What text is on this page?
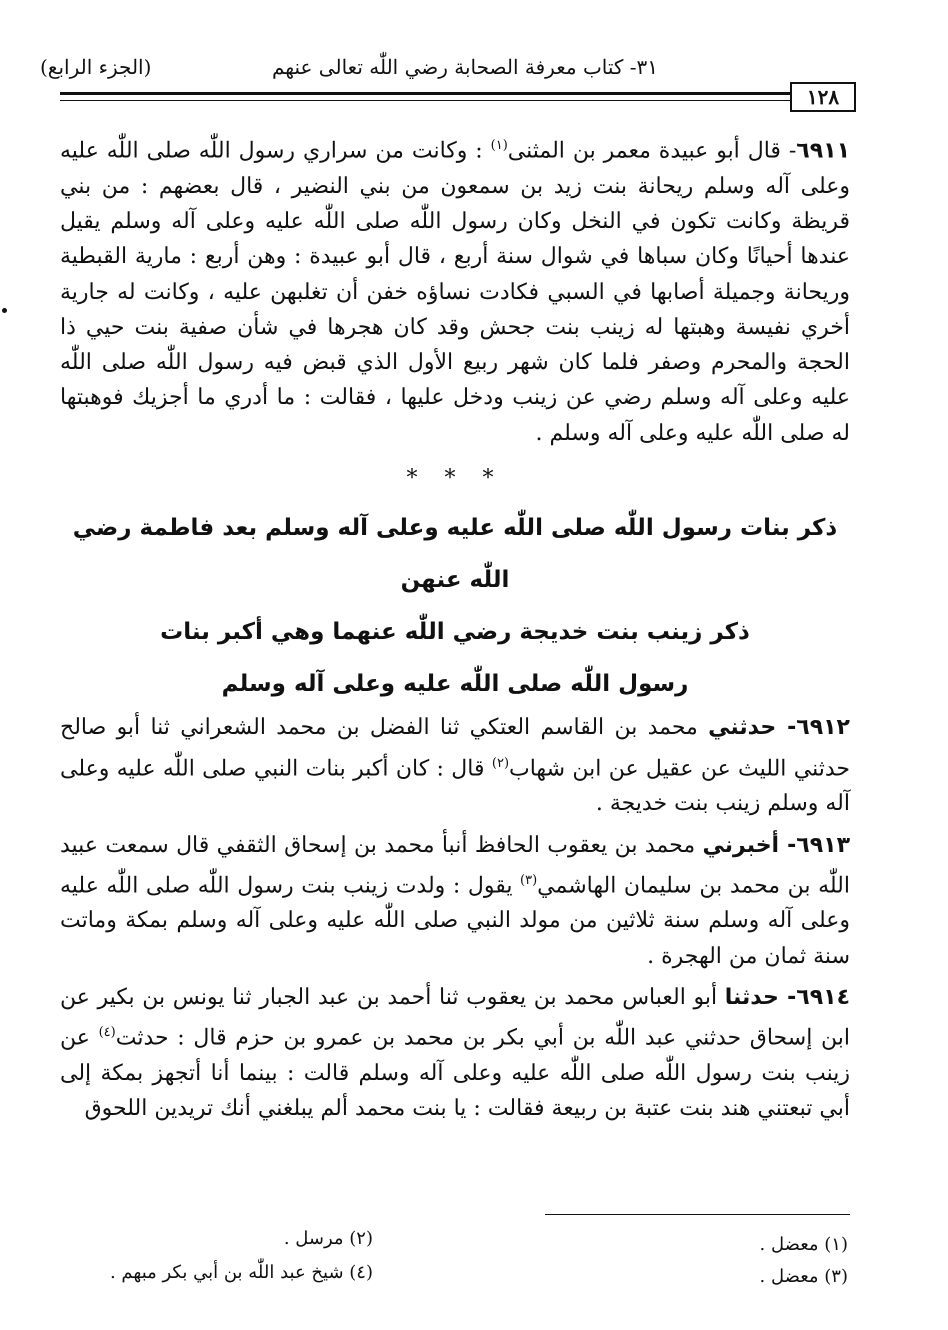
٣١- كتاب معرفة الصحابة رضي اللّٰه تعالى عنهم
(الجزء الرابع)
١٢٨

٦٩١١- قال أبو عبيدة معمر بن المثنى$^{(١)}$ : وكانت من سراري رسول اللّٰه صلى اللّٰه عليه وعلى آله وسلم ريحانة بنت زيد بن سمعون من بني النضير ، قال بعضهم : من بني قريظة وكانت تكون في النخل وكان رسول اللّٰه صلى اللّٰه عليه وعلى آله وسلم يقيل عندها أحيانًا وكان سباها في شوال سنة أربع ، قال أبو عبيدة : وهن أربع : مارية القبطية وريحانة وجميلة أصابها في السبي فكادت نساؤه خفن أن تغلبهن عليه ، وكانت له جارية أخري نفيسة وهبتها له زينب بنت جحش وقد كان هجرها في شأن صفية بنت حيي ذا الحجة والمحرم وصفر فلما كان شهر ربيع الأول الذي قبض فيه رسول اللّٰه صلى اللّٰه عليه وعلى آله وسلم رضي عن زينب ودخل عليها ، فقالت : ما أدري ما أجزيك فوهبتها له صلى اللّٰه عليه وعلى آله وسلم .

* * *
ذكر بنات رسول اللّٰه صلى اللّٰه عليه وعلى آله وسلم بعد فاطمة رضي اللّٰه عنهن
ذكر زينب بنت خديجة رضي اللّٰه عنهما وهي أكبر بنات
رسول اللّٰه صلى اللّٰه عليه وعلى آله وسلم

٦٩١٢- حدثني محمد بن القاسم العتكي ثنا الفضل بن محمد الشعراني ثنا أبو صالح حدثني الليث عن عقيل عن ابن شهاب$^{(٢)}$ قال : كان أكبر بنات النبي صلى اللّٰه عليه وعلى آله وسلم زينب بنت خديجة .

٦٩١٣- أخبرني محمد بن يعقوب الحافظ أنبأ محمد بن إسحاق الثقفي قال سمعت عبيد اللّٰه بن محمد بن سليمان الهاشمي$^{(٣)}$ يقول : ولدت زينب بنت رسول اللّٰه صلى اللّٰه عليه وعلى آله وسلم سنة ثلاثين من مولد النبي صلى اللّٰه عليه وعلى آله وسلم بمكة وماتت سنة ثمان من الهجرة .

٦٩١٤- حدثنا أبو العباس محمد بن يعقوب ثنا أحمد بن عبد الجبار ثنا يونس بن بكير عن ابن إسحاق حدثني عبد اللّٰه بن أبي بكر بن محمد بن عمرو بن حزم قال : حدثت$^{(٤)}$ عن زينب بنت رسول اللّٰه صلى اللّٰه عليه وعلى آله وسلم قالت : بينما أنا أتجهز بمكة إلى أبي تبعتني هند بنت عتبة بن ربيعة فقالت : يا بنت محمد ألم يبلغني أنك تريدين اللحوق

(١) معضل .
(٢) مرسل .
(٣) معضل .
(٤) شيخ عبد اللّٰه بن أبي بكر مبهم .
